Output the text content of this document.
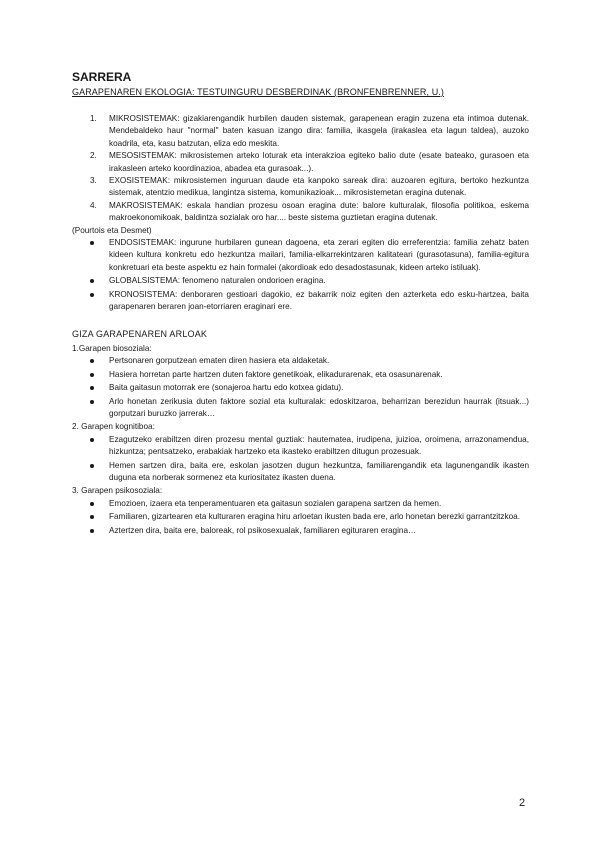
SARRERA
GARAPENAREN EKOLOGIA: TESTUINGURU DESBERDINAK (BRONFENBRENNER, U.)
1. MIKROSISTEMAK: gizakiarengandik hurbilen dauden sistemak, garapenean eragin zuzena eta intimoa dutenak. Mendebaldeko haur "normal" baten kasuan izango dira: familia, ikasgela (irakaslea eta lagun taldea), auzoko koadrila, eta, kasu batzutan, eliza edo meskita.
2. MESOSISTEMAK: mikrosistemen arteko loturak eta interakzioa egiteko balio dute (esate bateako, gurasoen eta irakasleen arteko koordinazioa, abadea eta gurasoak...).
3. EXOSISTEMAK: mikrosistemen inguruan daude eta kanpoko sareak dira: auzoaren egitura, bertoko hezkuntza sistemak, atentzio medikua, langintza sistema, komunikazioak... mikrosistemetan eragina dutenak.
4. MAKROSISTEMAK: eskala handian prozesu osoan eragina dute: balore kulturalak, filosofia politikoa, eskema makroekonomikoak, baldintza sozialak oro har.... beste sistema guztietan eragina dutenak.
(Pourtois eta Desmet)
ENDOSISTEMAK: ingurune hurbilaren gunean dagoena, eta zerari egiten dio erreferentzia: familia zehatz baten kideen kultura konkretu edo hezkuntza mailari, familia-elkarrekintzaren kalitateari (gurasotasuna), familia-egitura konkretuari eta beste aspektu ez hain formalei (akordioak edo desadostasunak, kideen arteko istiluak).
GLOBALSISTEMA: fenomeno naturalen ondorioen eragina.
KRONOSISTEMA: denboraren gestioari dagokio, ez bakarrik noiz egiten den azterketa edo esku-hartzea, baita garapenaren beraren joan-etorriaren eraginari ere.
GIZA GARAPENAREN ARLOAK
1.Garapen biosoziala:
Pertsonaren gorputzean ematen diren hasiera eta aldaketak.
Hasiera horretan parte hartzen duten faktore genetikoak, elikadurarenak, eta osasunarenak.
Baita gaitasun motorrak ere (sonajeroa hartu edo kotxea gidatu).
Arlo honetan zerikusia duten faktore sozial eta kulturalak: edoskitzaroa, beharrizan berezidun haurrak (itsuak...) gorputzari buruzko jarrerak…
2. Garapen kognitiboa:
Ezagutzeko erabiltzen diren prozesu mental guztiak: hautematea, irudipena, juizioa, oroimena, arrazonamendua, hizkuntza; pentsatzeko, erabakiak hartzeko eta ikasteko erabiltzen ditugun prozesuak.
Hemen sartzen dira, baita ere, eskolan jasotzen dugun hezkuntza, familiarengandik eta lagunengandik ikasten duguna eta norberak sormenez eta kuriositatez ikasten duena.
3. Garapen psikosoziala:
Emozioen, izaera eta tenperamentuaren eta gaitasun sozialen garapena sartzen da hemen.
Familiaren, gizartearen eta kulturaren eragina hiru arloetan ikusten bada ere, arlo honetan berezki garrantzitzkoa.
Aztertzen dira, baita ere, baloreak, rol psikosexualak, familiaren egituraren eragina…
2
